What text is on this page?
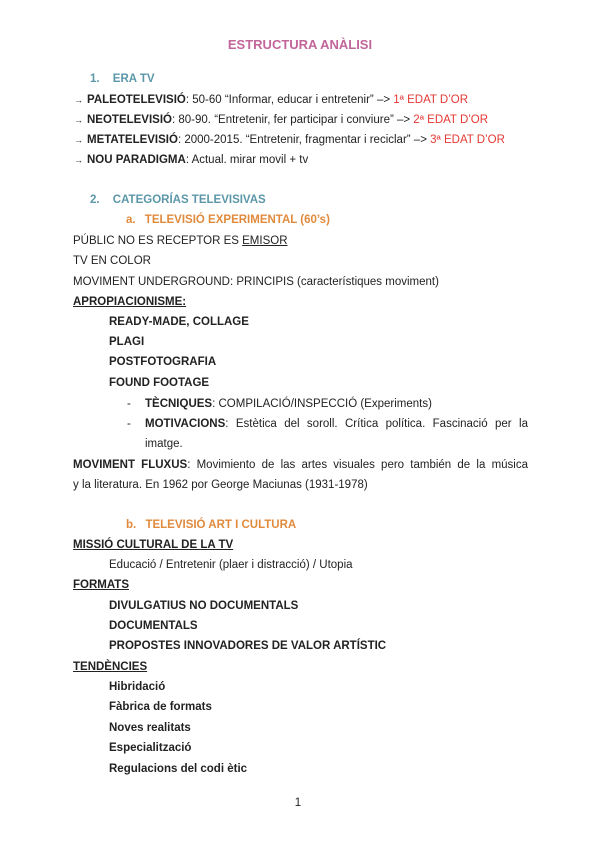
ESTRUCTURA ANÀLISI
1. ERA TV
→ PALEOTELEVISIÓ: 50-60 “Informar, educar i entretenir” –> 1ª EDAT D’OR
→ NEOTELEVISIÓ: 80-90. “Entretenir, fer participar i conviure” –> 2ª EDAT D’OR
→ METATELEVISIÓ: 2000-2015. “Entretenir, fragmentar i reciclar” –> 3ª EDAT D’OR
→ NOU PARADIGMA: Actual. mirar movil + tv
2. CATEGORÍAS TELEVISIVAS
a. TELEVISIÓ EXPERIMENTAL (60’s)
PÚBLIC NO ES RECEPTOR ES EMISOR
TV EN COLOR
MOVIMENT UNDERGROUND: PRINCIPIS (característiques moviment)
APROPIACIONISME:
READY-MADE, COLLAGE
PLAGI
POSTFOTOGRAFIA
FOUND FOOTAGE
- TÈCNIQUES: COMPILACIÓ/INSPECCIÓ (Experiments)
- MOTIVACIONS: Estètica del soroll. Crítica política. Fascinació per la
imatge.
MOVIMENT FLUXUS: Movimiento de las artes visuales pero también de la música
y la literatura. En 1962 por George Maciunas (1931-1978)
b. TELEVISIÓ ART I CULTURA
MISSIÓ CULTURAL DE LA TV
Educació / Entretenir (plaer i distracció) / Utopia
FORMATS
DIVULGATIUS NO DOCUMENTALS
DOCUMENTALS
PROPOSTES INNOVADORES DE VALOR ARTÍSTIC
TENDÈNCIES
Hibridació
Fàbrica de formats
Noves realitats
Especialització
Regulacions del codi ètic
1
